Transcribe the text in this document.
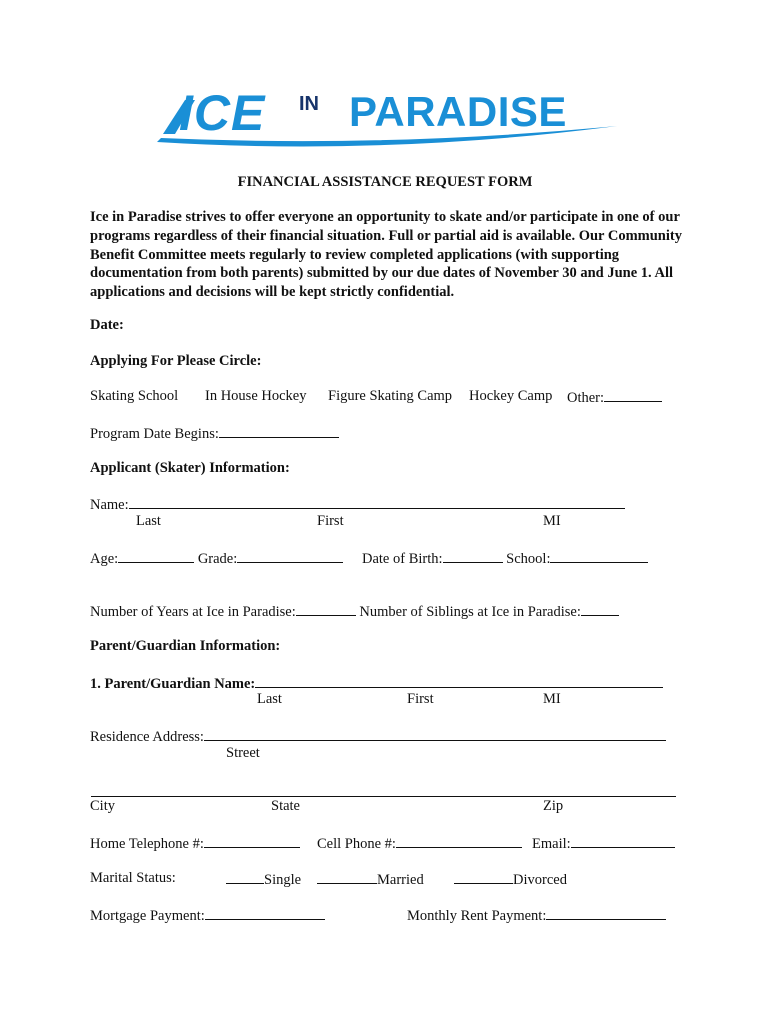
ICE IN PARADISE
FINANCIAL ASSISTANCE REQUEST FORM
Ice in Paradise strives to offer everyone an opportunity to skate and/or participate in one of our programs regardless of their financial situation. Full or partial aid is available. Our Community Benefit Committee meets regularly to review completed applications (with supporting documentation from both parents) submitted by our due dates of November 30 and June 1. All applications and decisions will be kept strictly confidential.
Date:
Applying For Please Circle:
Skating School In House Hockey Figure Skating Camp Hockey Camp Other:
Program Date Begins:
Applicant (Skater) Information:
Name:
Last	First	MI
Age:	Grade:	Date of Birth:	School:
Number of Years at Ice in Paradise:	Number of Siblings at Ice in Paradise:
Parent/Guardian Information:
1. Parent/Guardian Name:
Last	First	MI
Residence Address:
Street
City	State	Zip
Home Telephone #:	Cell Phone #:	Email:
Marital Status:	Single	Married	Divorced
Mortgage Payment:	Monthly Rent Payment:
